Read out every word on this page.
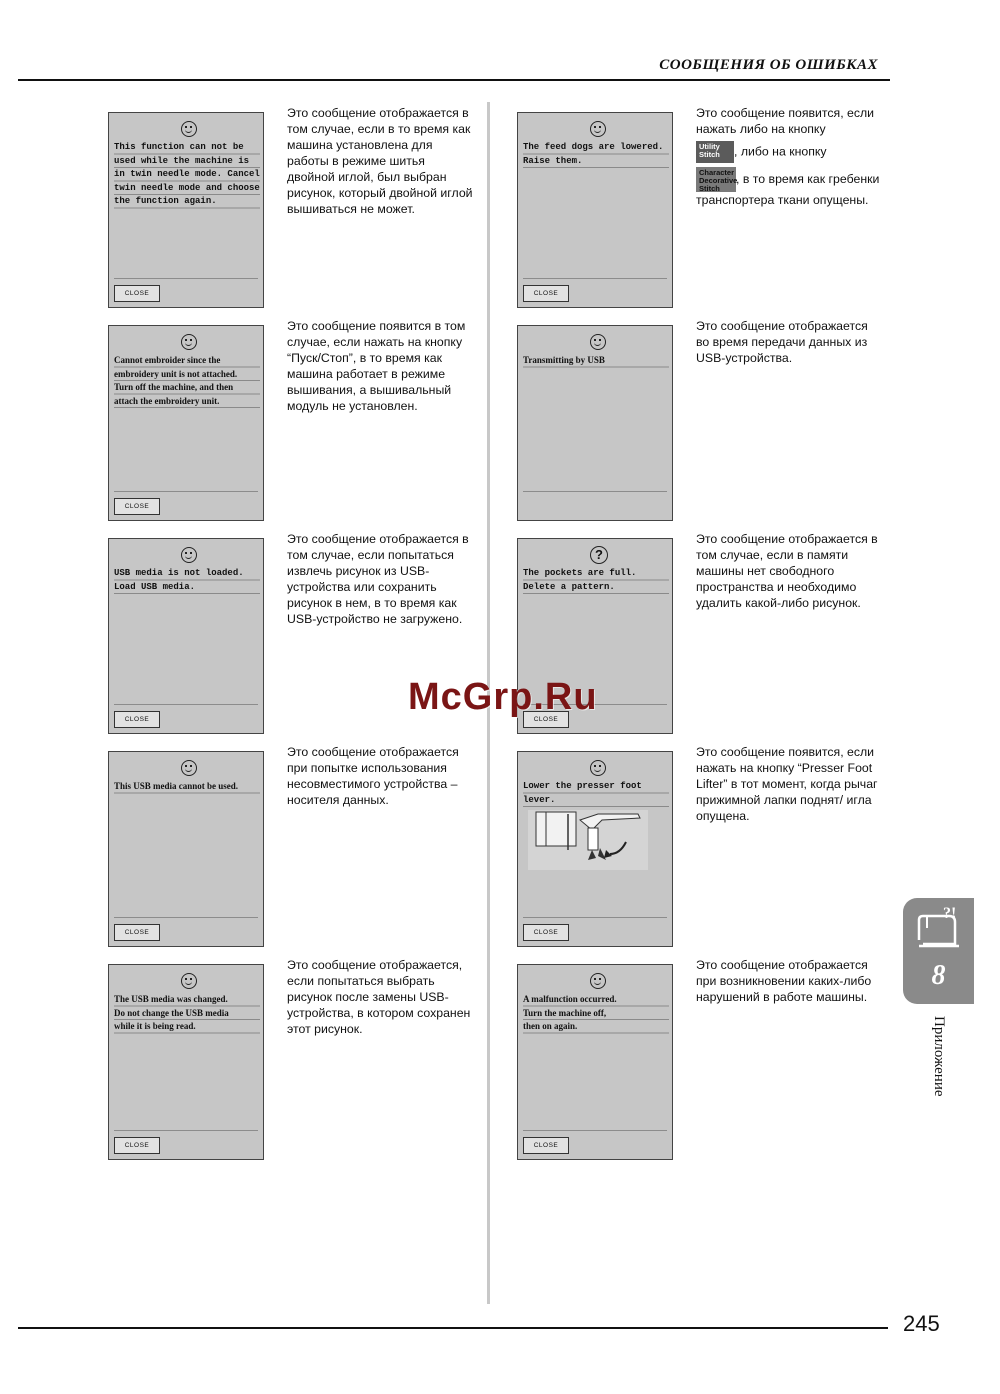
СООБЩЕНИЯ ОБ ОШИБКАХ
This function can not be
used while the machine is
in twin needle mode. Cancel
twin needle mode and choose
the function again.
CLOSE

Это сообщение отображается в том случае, если в то время как машина установлена для работы в режиме шитья двойной иглой, был выбран рисунок, который двойной иглой вышиваться не может.

Cannot embroider since the
embroidery unit is not attached.
Turn off the machine, and then
attach the embroidery unit.
CLOSE

Это сообщение появится в том случае, если нажать на кнопку “Пуск/Стоп”, в то время как машина работает в режиме вышивания, а вышивальный модуль не установлен.

USB media is not loaded.
Load USB media.
CLOSE

Это сообщение отображается в том случае, если попытаться извлечь рисунок из USB-устройства или сохранить рисунок в нем, в то время как USB-устройство не загружено.

This USB media cannot be used.
CLOSE

Это сообщение отображается при попытке использования несовместимого устройства – носителя данных.

The USB media was changed.
Do not change the USB media
while it is being read.
CLOSE

Это сообщение отображается, если попытаться выбрать рисунок после замены USB-устройства, в котором сохранен этот рисунок.

The feed dogs are lowered.
Raise them.
CLOSE

Это сообщение появится, если нажать либо на кнопку

Utility Stitch , либо на кнопку

Character Decorative Stitch, в то время как гребенки транспортера ткани опущены.

Transmitting by USB

Это сообщение отображается во время передачи данных из USB-устройства.

?
The pockets are full.
Delete a pattern.
CLOSE

Это сообщение отображается в том случае, если в памяти машины нет свободного пространства и необходимо удалить какой-либо рисунок.

Lower the presser foot
lever.
CLOSE

Это сообщение появится, если нажать на кнопку “Presser Foot Lifter” в тот момент, когда рычаг прижимной лапки поднят/ игла опущена.

A malfunction occurred.
Turn the machine off,
then on again.
CLOSE

Это сообщение отображается при возникновении каких-либо нарушений в работе машины.

?!
8
Приложение
McGrp.Ru
245
